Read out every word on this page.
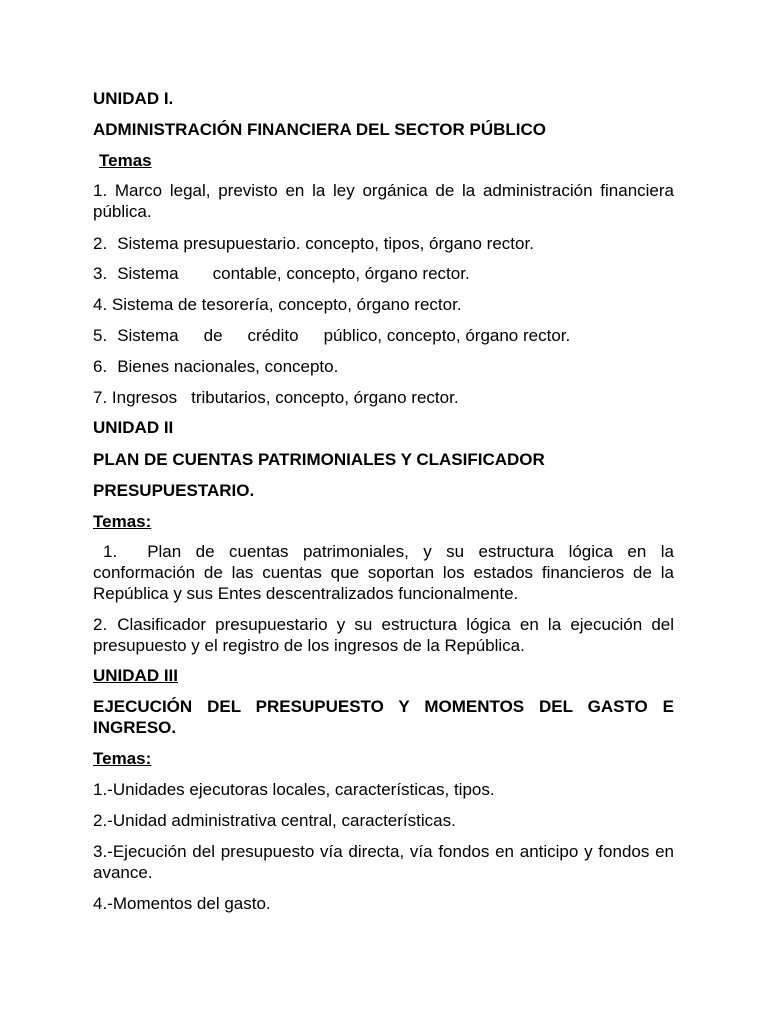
UNIDAD I.
ADMINISTRACIÓN FINANCIERA DEL SECTOR PÚBLICO
Temas
1. Marco legal, previsto en la ley orgánica de la administración financiera pública.
2. Sistema presupuestario. concepto, tipos, órgano rector.
3. Sistema contable, concepto, órgano rector.
4. Sistema de tesorería, concepto, órgano rector.
5. Sistema de crédito público, concepto, órgano rector.
6. Bienes nacionales, concepto.
7. Ingresos tributarios, concepto, órgano rector.
UNIDAD II
PLAN DE CUENTAS PATRIMONIALES Y CLASIFICADOR
PRESUPUESTARIO.
Temas:
1. Plan de cuentas patrimoniales, y su estructura lógica en la conformación de las cuentas que soportan los estados financieros de la República y sus Entes descentralizados funcionalmente.
2. Clasificador presupuestario y su estructura lógica en la ejecución del presupuesto y el registro de los ingresos de la República.
UNIDAD III
EJECUCIÓN DEL PRESUPUESTO Y MOMENTOS DEL GASTO E INGRESO.
Temas:
1.-Unidades ejecutoras locales, características, tipos.
2.-Unidad administrativa central, características.
3.-Ejecución del presupuesto vía directa, vía fondos en anticipo y fondos en avance.
4.-Momentos del gasto.
